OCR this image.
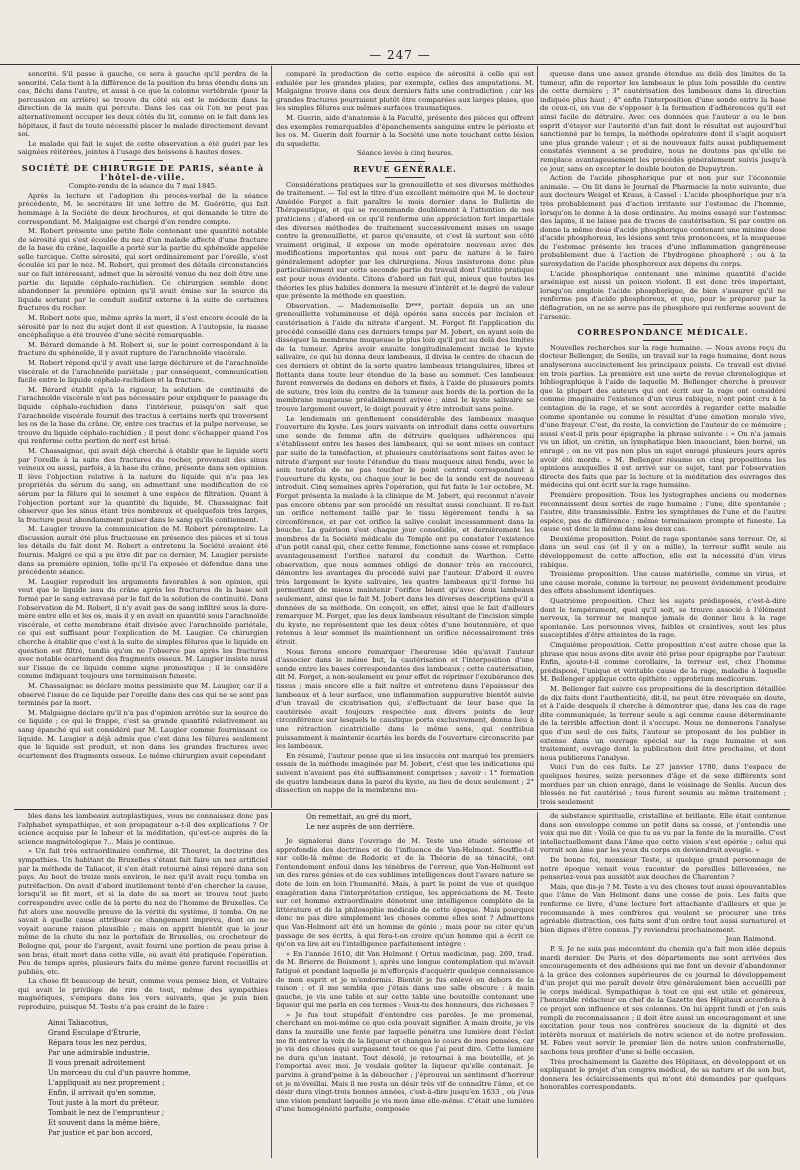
— 247 —

sonorité. S'il passe à gauche, ce sera à gauche qu'il perdra de la sonorité. Cela tient à la différence de la position du bras étendu dans un cas, fléchi dans l'autre, et aussi à ce que la colonne vertébrale (pour la percussion en arrière) se trouve du côté où est le médecin dans la direction de la main qui percute. Dans les cas où l'on ne peut pas alternativement occuper les deux côtés du lit, comme on le fait dans les hôpitaux, il faut de toute nécessité placer le malade directement devant soi.

Le malade qui fait le sujet de cette observation a été guéri par les saignées réitérées, jointes à l'usage des boissons à hautes doses.

SOCIÉTÉ DE CHIRURGIE DE PARIS, séante à l'hôtel-de-ville.

Compte-rendu de la séance du 7 mai 1845.

Après la lecture et l'adoption du procès-verbal de la séance précédente, M. le secrétaire lit une lettre de M. Guérétte, qui fait hommage à la Société de deux brochures, et qui demande le titre de correspondant. M. Malgaigne est chargé d'en rendre compte.

M. Robert présente une petite fiole contenant une quantité notable de sérosité qui s'est écoulée du nez d'un malade affecté d'une fracture de la base du crâne, laquelle a porté sur la partie du sphénoïde appelée selle turcique. Cette sérosité, qui sort ordinairement par l'oreille, s'est écoulée ici par le nez. M. Robert, qui promet des détails circonstanciés sur ce fait intéressant, admet que la sérosité venue du nez doit être une partie du liquide céphalo-rachidien. Ce chirurgien semble donc abandonner la première opinion qu'il avait émise sur la source du liquide sortant par le conduit auditif externe à la suite de certaines fractures du rocher.

M. Robert note que, même après la mort, il s'est encore écoulé de la sérosité par le nez du sujet dont il est question. A l'autopsie, la masse encéphalique a été trouvée d'une sécité remarquable.

M. Bérard demande à M. Robert si, sur le point correspondant à la fracture du sphénoïde, il y avait rupture de l'arachnoïde viscérale.

M. Robert répond qu'il y avait une large déchirure et de l'arachnoïde viscérale et de l'arachnoïde pariétale ; par conséquent, communication facile entre le liquide céphalo-rachidien et la fracture.

M. Bérard établit qu'à la rigueur, la solution de continuité de l'arachnoïde viscérale n'est pas nécessaire pour expliquer le passage du liquide céphalo-rachidien dans l'intérieur, puisqu'on sait que l'arachnoïde viscérale fournit des tractus à certains nerfs qui traversent les os de la base du crâne. Or, entre ces tractus et la pulpe nerveuse, se trouve du liquide céphalo-rachidien ; il peut donc s'échapper quand l'os qui renferme cette portion de nerf est brisé.

M. Chassaignac, qui avait déjà cherché à établir que le liquide sorti par l'oreille à la suite des fractures du rocher, provenait des sinus veineux ou aussi, parfois, à la base du crâne, présente dans son opinion. Il lève l'objection relative à la nature du liquide qui n'a pas les propriétés du sérum du sang, en admettant une modification de ce sérum par la fêlure qui le soumet à une espèce de filtration. Quant à l'objection portant sur la quantité du liquide, M. Chassaignac fait observer que les sinus étant très nombreux et quelquefois très larges, la fracture peut abondamment puiser dans le sang qu'ils contiennent.

M. Laugier trouve la communication de M. Robert péremptoire. La discussion aurait été plus fructueuse en présence des pièces et si tous les détails du fait dont M. Robert a entretenu la Société avaient été fournis. Malgré ce qui a pu être dit par ce dernier, M. Laugier persiste dans sa première opinion, telle qu'il l'a exposée et défendue dans une précédente séance.

M. Laugier reproduit les arguments favorables à son opinion, qui veut que le liquide issu du crâne après les fractures de la base soit formé par le sang extravasé par le fait de la solution de continuité. Dans l'observation de M. Robert, il n'y avait pas de sang infiltré sous la dure-mère entre elle et les os, mais il y en avait en quantité sous l'arachnoïde viscérale, et cette membrane était divisée avec l'arachnoïde pariétale, ce qui est suffisant pour l'explication de M. Laugier. Ce chirurgien cherche à établir que c'est à la suite de simples fêlures que le liquide en question est filtré, tandis qu'on ne l'observe pas après les fractures avec notable écartement des fragments osseux. M. Laugier insiste aussi sur l'issue de ce liquide comme signe pronostique ; il le considère comme indiquant toujours une terminaison funeste.

M. Chassaignac se déclare moins pessimiste que M. Laugier, car il a observé l'issue de ce liquide par l'oreille dans des cas qui ne se sont pas terminés par la mort.

M. Malgaigne déclare qu'il n'a pas d'opinion arrêtée sur la source de ce liquide ; ce qui le frappe, c'est sa grande quantité relativement au sang épanché qui est considéré par M. Laugier comme fournissant ce liquide. M. Laugier a déjà admis que c'est dans les fêlures seulement que le liquide est produit, et non dans les grandes fractures avec écartement des fragments osseux. Le même chirurgien avait cependant

comparé la production de cette espèce de sérosité à celle qui est exhalée par les grandes plaies, par exemple, celles des amputations. M. Malgaigne trouve dans ces deux derniers faits une contradiction ; car les grandes fractures pourraient plutôt être comparées aux larges plaies, que les simples fêlures aux mêmes surfaces traumatiques.

M. Guerin, aide d'anatomie à la Faculté, présente des pièces qui offrent des exemples remarquables d'épanchements sanguins entre le périoste et les os. M. Guerin doit fournir à la Société une note touchant cette lésion du squelette.

Séance levée à cinq heures.

REVUE GÉNÉRALE.

Considérations pratiques sur la grenouillette et ses diverses méthodes de traitement. — Tel est le titre d'un excellent mémoire que M. le docteur Amédée Forget a fait paraître le mois dernier dans le Bulletin de Thérapeutique, et qui se recommande doublement à l'attention de nos praticiens ; d'abord en ce qu'il renferme une appréciation fort impartiale des diverses méthodes de traitement successivement mises en usage contre la grenouillette, et parce qu'ensuite, et c'est là surtout son côté vraiment original, il expose un mode opératoire nouveau avec des modifications importantes qui nous ont paru de nature à le faire généralement adopter par les chirurgiens. Nous insisterons donc plus particulièrement sur cette seconde partie du travail dont l'utilité pratique est pour nous évidente. Citons d'abord un fait qui, mieux que toutes les théories les plus habiles donnera la mesure d'intérêt et le degré de valeur que présente la méthode en question.

Observation. — Mademoiselle D***, portait depuis un an une grenouillette volumineuse et déjà opérée sans succès par incision et cautérisation à l'aide du nitrate d'argent. M. Forget fit l'application du procédé conseillé dans ces derniers temps par M. Jobert, en ayant soin de disséquer la membrane muqueuse le plus loin qu'il put au delà des limites de la tumeur. Après avoir ensuite longitudinalement incisé le kyste salivaire, ce qui lui donna deux lambeaux, il divisa le centre de chacun de ces derniers et obtint de la sorte quatre lambeaux triangulaires, libres et flottants dans toute leur étendue de la base au sommet. Ces lambeaux furent renversés de dedans en dehors et fixés, à l'aide de plusieurs points de suture, très loin du centre de la tumeur aux bords de la portion de la membrane muqueuse préalablement avivée ; ainsi le kyste salivaire se trouve largement ouvert, le doigt pouvait y être introduit sans peine.

Le lendemain un gonflement considérable des lambeaux masque l'ouverture du kyste. Les jours suivants on introduit dans cette ouverture une sonde de femme afin de détruire quelques adhérences qui s'établissent entre les bases des lambeaux, qui se sont mises en contact par suite de la tuméfaction, et plusieurs cautérisations sont faites avec le nitrate d'argent sur toute l'étendue du tissu muqueux ainsi fendu, avec le soin toutefois de ne pas toucher le point central correspondant à l'ouverture du kyste, ou chaque jour le bec de la sonde est de nouveau introduit. Cinq semaines après l'opération, qui fut faite le 1er octobre, M. Forget présenta la malade à la clinique de M. Jobert, qui reconnut n'avoir pas encore obtenu par son procédé un résultat aussi concluant. Il re-fait un orifice nettement taillé par le tissu légèrement tendu à sa circonférence, et par cet orifice la salive coulait incessamment dans la bouche. La guérison s'est chaque jour consolidée, et dernièrement les membres de la Société médicale du Temple ont pu constater l'existence d'un petit canal qui, chez cette femme, fonctionne sans cesse et remplace avantageusement l'orifice naturel du conduit de Warthon. Cette observation, que nous sommes obligé de donner très en raccourci, démontre les avantages du procédé suivi par l'auteur. D'abord il ouvre très largement le kyste salivaire, les quatre lambeaux qu'il forme lui permettant de mieux maintenir l'orifice béant qu'avec deux lambeaux seulement, ainsi que le fait M. Jobert dans les diverses descriptions qu'il a données de sa méthode. On conçoit, en effet, ainsi que le fait d'ailleurs remarquer M. Forget, que les deux lambeaux résultant de l'incision simple du kyste, ne représentent que les deux côtés d'une boutonnière, et que retenus à leur sommet ils maintiennent un orifice nécessairement très étroit.

Nous ferons encore remarquer l'heureuse idée qu'avait l'auteur d'associer dans le même but, la cautérisation et l'interposition d'une sonde entre les bases correspondantes des lambeaux ; cette cautérisation, dit M. Forget, a non-seulement eu pour effet de réprimer l'exubérance des tissus ; mais encore elle a fait naître et entretenu dans l'épaisseur des lambeaux et à leur surface, une inflammation suppurative bientôt suivie d'un travail de cicatrisation qui, s'effectuant de leur base que la cautérisée avait toujours respectée aux divers points de leur circonférence sur lesquels le caustique porta exclusivement, donna lieu à une rétraction cicatricielle dans le même sens, qui contribua puissamment à maintenir écartés les bords de l'ouverture circonscrite par les lambeaux.

En résumé, l'auteur pense que si les insuccès ont marqué les premiers essais de la méthode imaginée par M. Jobert, c'est que les indications qui suivent n'avaient pas été suffisamment comprises ; savoir : 1° formation de quatre lambeaux dans la paroi du kyste, au lieu de deux seulement ; 2° dissection en nappe de la membrane mu-

queuse dans une assez grande étendue au delà des limites de la tumeur, afin de reporter les lambeaux le plus loin possible du centre de cette dernière ; 3° cautérisation des lambeaux dans la direction indiquée plus haut ; 4° enfin l'interposition d'une sonde entre la base de ceux-ci, en vue de s'opposer à la formation d'adhérences qu'il est ainsi facile de détruire. Avec ces données que l'auteur a eu le bon esprit d'étayer sur l'autorité d'un fait dont le résultat est aujourd'hui sanctionné par le temps, la méthode opératoire dont il s'agit acquiert une plus grande valeur ; et si de nouveaux faits aussi publiquement constatés viennent a se produire, nous ne doutons pas qu'elle ne remplace avantageusement les procédés généralement suivis jusqu'à ce jour, sans en excepter le double bouton de Dupuytren.

Action de l'acide phosphorique pur et non pur sur l'économie animale. — On lit dans le Journal de Pharmacie la note suivante, due aux docteurs Weigel et Kraus, à Cassel : L'acide phosphorique pur n'a très probablement pas d'action irritante sur l'estomac de l'homme, lorsqu'on le donne à la dose ordinaire. Au moins essayé sur l'estomac des lapins, il ne laisse pas de traces de cautérisation. Si par contre on donne la même dose d'acide phosphorique contenant une minime dose d'acide phosphoreux, les lésions sont très prononcées, et la muqueuse de l'estomac présente les traces d'une inflammation gangréneuse probablement due à l'action de l'hydrogène phosphoré ; ou à la suroxydation de l'acide phosphoreux aux dépens du corps.

L'acide phosphorique contenant une minime quantité d'acide arsénique est aussi un poison violent. Il est donc très important, lorsqu'on emploie l'acide phosphorique, de bien s'assurer qu'il ne renferme pas d'acide phosphoreux, et que, pour le préparer par la déflagration, on ne se serve pas de phosphore qui renferme souvent de l'arsenic.

CORRESPONDANCE MÉDICALE.

Nouvelles recherches sur la rage humaine. — Nous avons reçu du docteur Bellenger, de Senlis, un travail sur la rage humaine, dont nous analyserons succinctement les principaux points. Ce travail est divisé en trois parties. La première est une sorte de revue chronologique et bibliographique à l'aide de laquelle M. Bellenger cherche à prouver que la plupart des auteurs qui ont écrit sur la rage ont considéré comme imaginaire l'existence d'un virus rabique, n'ont point cru à la contagion de la rage, et se sont accordés à regarder cette maladie comme spontanée ou comme le résultat d'une émotion morale vive, d'une frayeur. C'est, du reste, la conviction de l'auteur de ce mémoire ; aussi s'est-il pris pour épigraphe la phrase suivante : « On n'a jamais vu un idiot, un crétin, un lymphatique bien insouciant, bien borné, un enragé ; on ne vit pas non plus un sujet enragé plusieurs jours après avoir été mordu. » M. Bellenger résume en cinq propositions les opinions auxquelles il est arrivé sur ce sujet, tant par l'observation directe des faits que par la lecture et la méditation des ouvrages des médecins qui ont écrit sur la rage humaine.

Première proposition. Tous les lystographes anciens ou modernes reconnaissent deux sortes de rage humaine ; l'une, dite spontanée ; l'autre, dite transmissible. Entre les symptômes de l'une et de l'autre espèce, pas de différence ; même terminaison prompte et funeste. La cause est donc la même dans les deux cas.

Deuxième proposition. Point de rage spontanée sans terreur. Or, si dans un seul cas (et il y en a mille), la terreur suffit seule au développement de cette affection, elle est la nécessité d'un virus rabique.

Troisième proposition. Une cause matérielle, comme un virus, et une cause morale, comme la terreur, ne peuvent évidemment produire des effets absolument identiques.

Quatrième proposition. Chez les sujets prédisposés, c'est-à-dire dont le tempérament, quel qu'il soit, se trouve associé à l'élément nerveux, la terreur ne manque jamais de donner lieu à la rage spontanée. Les personnes vives, faibles et craintives, sont les plus susceptibles d'être atteintes de la rage.

Cinquième proposition. Cette proposition n'est autre chose que la phrase que nous avons dite avoir été prise pour épigraphe par l'auteur. Enfin, ajoute-t-il comme corollaire, la terreur est, chez l'homme prédisposé, l'unique et véritable cause de la rage, maladie à laquelle M. Bellenger applique cette épithète : opprobrium medicorum.

M. Bellenger fait suivre ces propositions de la description détaillée de dix faits dont l'authenticité, dit-il, ne peut être révoquée en doute, et à l'aide desquels il cherche à démontrer que, dans les cas de rage dite communiquée, la terreur seule a agi comme cause déterminante de la terrible affection dont il s'occupe. Nous ne donnerons l'analyse que d'un seul de ces faits, l'auteur se proposant de les publier in extenso dans un ouvrage spécial sur la rage humaine et son traitement, ouvrage dont la publication doit être prochaine, et dont nous publierons l'analyse.

Voici l'un de ces faits. Le 27 janvier 1780, dans l'espace de quelques heures, seize personnes d'âge et de sexe différents sont mordues par un chien enragé, dans le voisinage de Senlis. Aucun des blessés ne fut cautérisé ; tous furent soumis au même traitement ; trois seulement

bles dans les lambeaux autoplastiques, vous ne connaissez donc pas l'alphabet sympathique, et son propagateur a-t-il des explications ? Or science acquise par le labeur et la méditation, qu'est-ce auprès de la science magnétologique ?... Mais je continue.

« Un fait très extraordinaire confirme, dit Thouret, la doctrine des sympathies. Un habitant de Bruxelles s'étant fait faire un nez artificiel par la méthode de Taliacot, il s'en était retourné ainsi réparé dans son pays. Au bout de treize mois environ, le nez qu'il avait reçu tomba en putréfaction. On avait d'abord inutilement tenté d'en chercher la cause, lorsqu'il se fit mort, et si la date de sa mort se trouva tout juste correspondre avec celle de la perte du nez de l'homme de Bruxelles. Ce fut alors une nouvelle preuve de la vérité du système, il tomba. On ne savait à quelle cause attribuer ce changement imprévu, dont on ne voyait aucune raison plausible ; mais on apprit bientôt que le jour même de la chute du nez le portefaix de Bruxelles, ou crocheteur de Bologne qui, pour de l'argent, avait fourni une portion de peau prise à son bras, était mort dans cette ville, où avait été pratiquée l'opération. Peu de temps après, plusieurs faits du même genre furent recueillis et publiés, etc.

La chose fit beaucoup de bruit, comme vous pensez bien, et Voltaire qui avait le privilège de rire de tout, même des sympathies magnétiques, s'empara dans les vers suivants, que je puis bien reproduire, puisque M. Teste n'a pas craint de le faire :

Ainsi Taliacotius,
Grand Esculape d'Étrurie,
Répara tous les nez perdus,
Par une admirable industrie.
Il vous prenait adroitement
Un morceau du cul d'un pauvre homme,
L'appliquait au nez proprement ;
Enfin, il arrivait qu'en somme,
Tout juste à la mort du prêteur,
Tombait le nez de l'emprunteur ;
Et souvent dans la même bière,
Par justice et par bon accord,
On remettait, au gré du mort,
Le nez auprès de son derrière.

Je signalerai dans l'ouvrage de M. Teste une étude sérieuse et approfondie des doctrines et de l'influence de Van-Helmont. Souffle-t-il sur celle-là même de Rodoric et de la Théorie de sa ténacité, ont l'entendement enfoui dans les ténèbres de l'erreur, que Van-Helmont est un des rares génies et de ces sublimes intelligences dont l'avare nature se dote de loin en loin l'humanité. Mais, à part le point de vue et quelque exagération dans l'interprétation critique, les appréciations de M. Teste sur cet homme extraordinaire dénotent une intelligence complète de la littérature et de la philosophie médicale de cette époque. Mais pourquoi donc ne pas dire simplement les choses comme elles sont ? Admettons que Van-Helmont ait été un homme de génie ; mais pour ne citer qu'un passage de ses écrits, à qui fera-t-on croire qu'un homme qui a écrit ce qu'on va lire ait eu l'intelligence parfaitement intègre :

« En l'année 1610, dit Van Helmont ( Ortus medicinæ, pag. 269, trad. de M. Brierre de Boismont ), après une longue contemplation qui m'avait fatigué et pendant laquelle je m'efforçais d'acquérir quelque connaissance de mon esprit et je m'endormis. Bientôt je fus enlevé en dehors de la raison ; et il me sembla que j'étais dans une salle obscure : à main gauche, je vis une table et sur cette table une bouteille contenant une liqueur qui me parla en ces termes : Veux-tu des honneurs, des richesses ?

» Je fus tout stupéfait d'entendre ces paroles. Je me promenai, cherchant en moi-même ce que cela pouvait signifier. A main droite, je vis dans la muraille une fente par laquelle pénétra une lumière dont l'éclat me fit entrer la voix de la liqueur et changea le cours de mes pensées, car je vis des choses qui surpassent tout ce que j'ai peut dire. Cette lumière ne dura qu'un instant. Tout désolé, je retournai à ma bouteille, et je l'emportai avec moi. Je voulais goûter la liqueur qu'elle contenait. Je parvins à grand'peine à la déboucher ; j'éprouvai un sentiment d'horreur et je m'éveillai. Mais il me resta un désir très vif de connaître l'âme, et ce désir dura vingt-trois bonnes années, c'est-à-dire jusqu'en 1633 , où j'eus une vision pendant laquelle je vis mon âme elle-même. C'était une lumière d'une homogénéité parfaite, composée

de substance spirituelle, cristalline et brillante. Elle était contenue dans son enveloppe comme un petit dans sa cosse, et j'entendis une voix qui me dit : Voilà ce que tu as vu par la fente de la muraille. C'est intellectuellement dans l'âme que cette vision s'est opérée ; celui qui verrait son âme par les yeux du corps en deviendrait aveugle. »

De bonne foi, monsieur Teste, si quelque grand personnage de notre époque venait vous raconter de pareilles billevesées, ne penseriez-vous pas aussitôt aux douches de Charenton ?

Mais, que dis-je ? M. Teste a vu des choses tout aussi épouvantables que l'âme de Van Helmont dans une cosse de pois. Les faits que renferme ce livre, d'une lecture fort attachante d'ailleurs et que je recommande à mes confrères qui veulent se procurer une très agréable distraction, ces faits sont d'un ordre tout aussi surnaturel et bien dignes d'être connus. J'y reviendrai prochainement.

Jean Raimond.

P. S. Je ne suis pas mécontent du chemin qu'a fait mon idée depuis mardi dernier. De Paris et des départements me sont arrivées des encouragements et des adhésions qui me font un devoir d'abandonner à la grâce des colonnes supérieures de ce journal le développement d'un projet qui me paraît devoir être généralement bien accueilli par le corps médical. Sympathique à tout ce qui est utile et généreux, l'honorable rédacteur en chef de la Gazette des Hôpitaux accordera à ce projet son influence et ses colonnes. On lui apprit lundi et j'en suis rempli de reconnaissance ; il doit être aussi un encouragement et une excitation pour tous nos confrères soucieux de la dignité et des intérêts moraux et matériels de notre science et de notre profession. M. Fabre veut servir le premier lien de notre union confraternelle, sachons tous profiter d'une si belle occasion.

Très prochainement la Gazette des Hôpitaux, en développant et en expliquant le projet d'un congrès médical, de sa nature et de son but, donnera les éclaircissements qui m'ont été demandés par quelques honorables correspondants.
